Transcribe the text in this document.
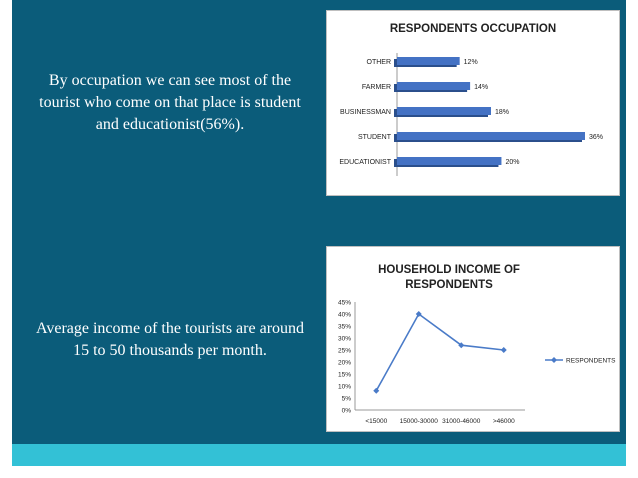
By occupation we can see most of the tourist who come on that place is student and educationist(56%).
Average income of the tourists are around 15 to 50 thousands per month.
RESPONDENTS OCCUPATION
OTHER	12%
FARMER	14%
BUSINESSMAN	18%
STUDENT	36%
EDUCATIONIST	20%
HOUSEHOLD INCOME OF
RESPONDENTS
0%
5%
10%
15%
20%
25%
30%
35%
40%
45%
<15000 15000-30000 31000-46000 >46000
RESPONDENTS
